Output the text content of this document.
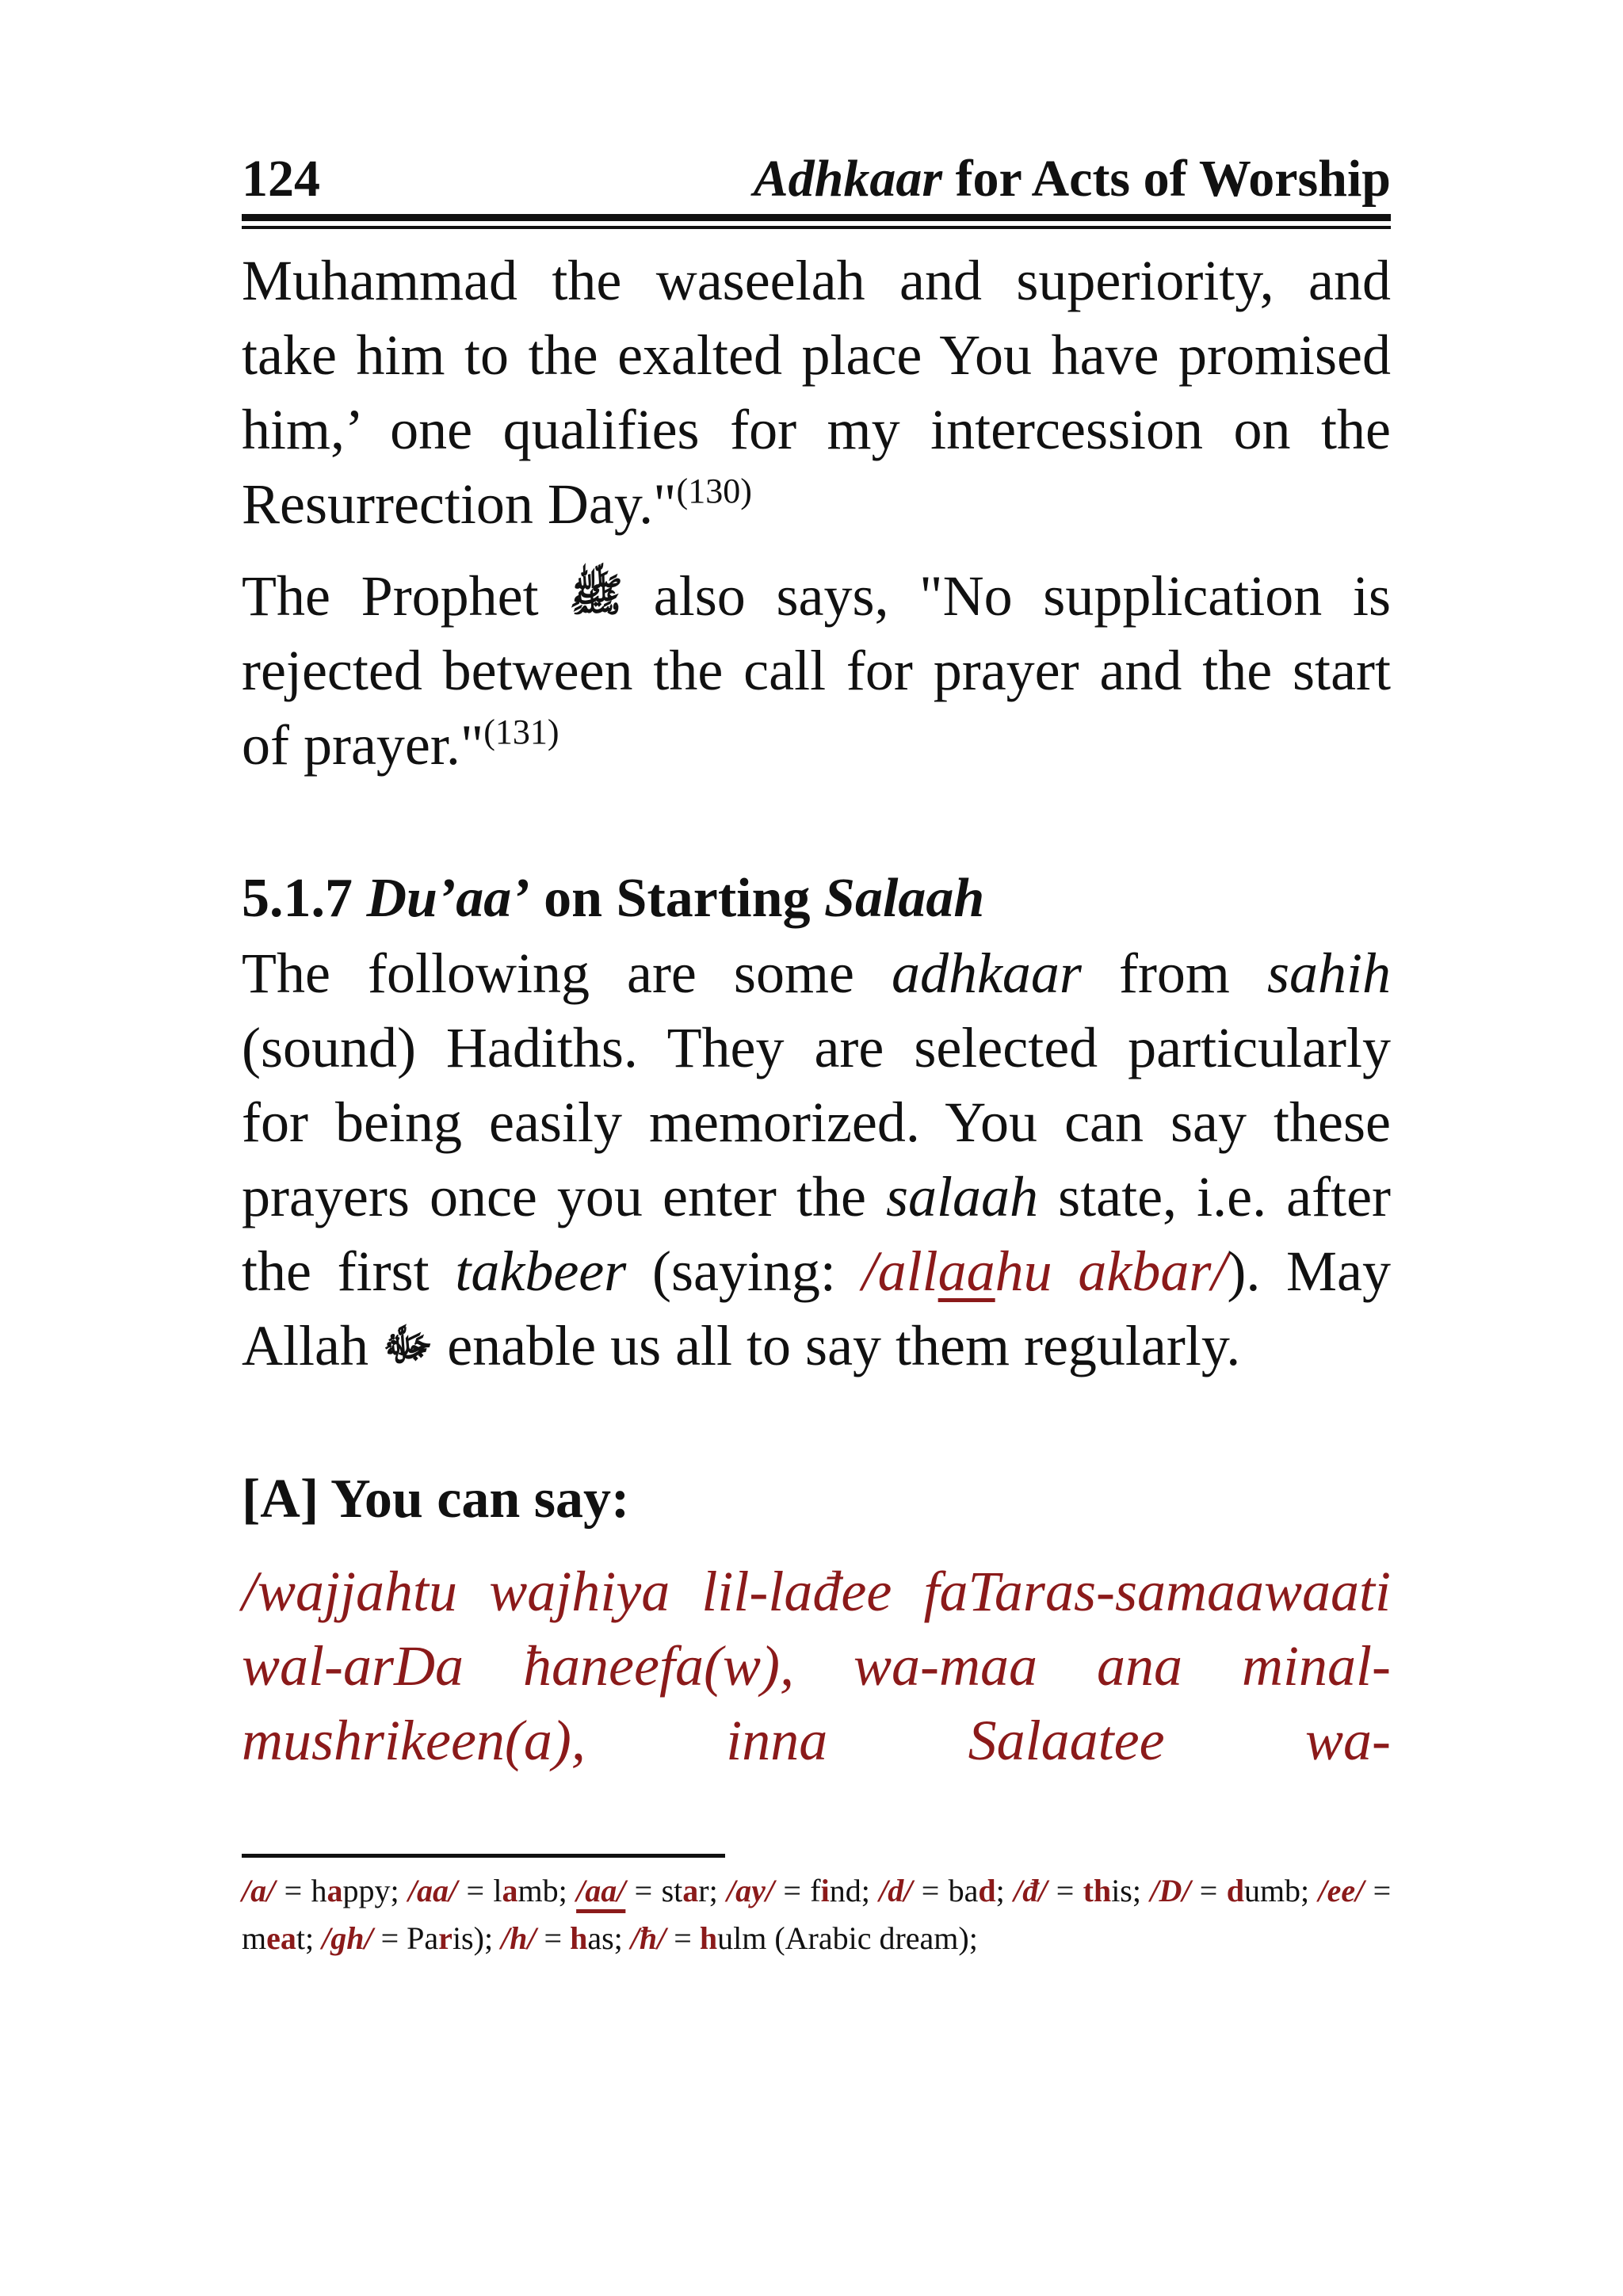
124	Adhkaar for Acts of Worship

Muhammad the waseelah and superiority, and take him to the exalted place You have promised him,’ one qualifies for my intercession on the Resurrection Day."$^{(130)}$

The Prophet ﷺ also says, "No supplication is rejected between the call for prayer and the start of prayer."$^{(131)}$

5.1.7 Du’aa’ on Starting Salaah

The following are some adhkaar from sahih (sound) Hadiths. They are selected particularly for being easily memorized. You can say these prayers once you enter the salaah state, i.e. after the first takbeer (saying: /allaahu akbar/). May Allah ﷻ enable us all to say them regularly.

[A] You can say:

/wajjahtu wajhiya lil-lađee faTaras-samaawaati wal-arDa ħaneefa(w), wa-maa ana minal-mushrikeen(a), inna Salaatee wa-

/a/ = happy; /aa/ = lamb; /aa/ = star; /ay/ = find; /d/ = bad; /đ/ = this; /D/ = dumb; /ee/ = meat; /gh/ = Paris); /h/ = has; /ħ/ = hulm (Arabic dream);
